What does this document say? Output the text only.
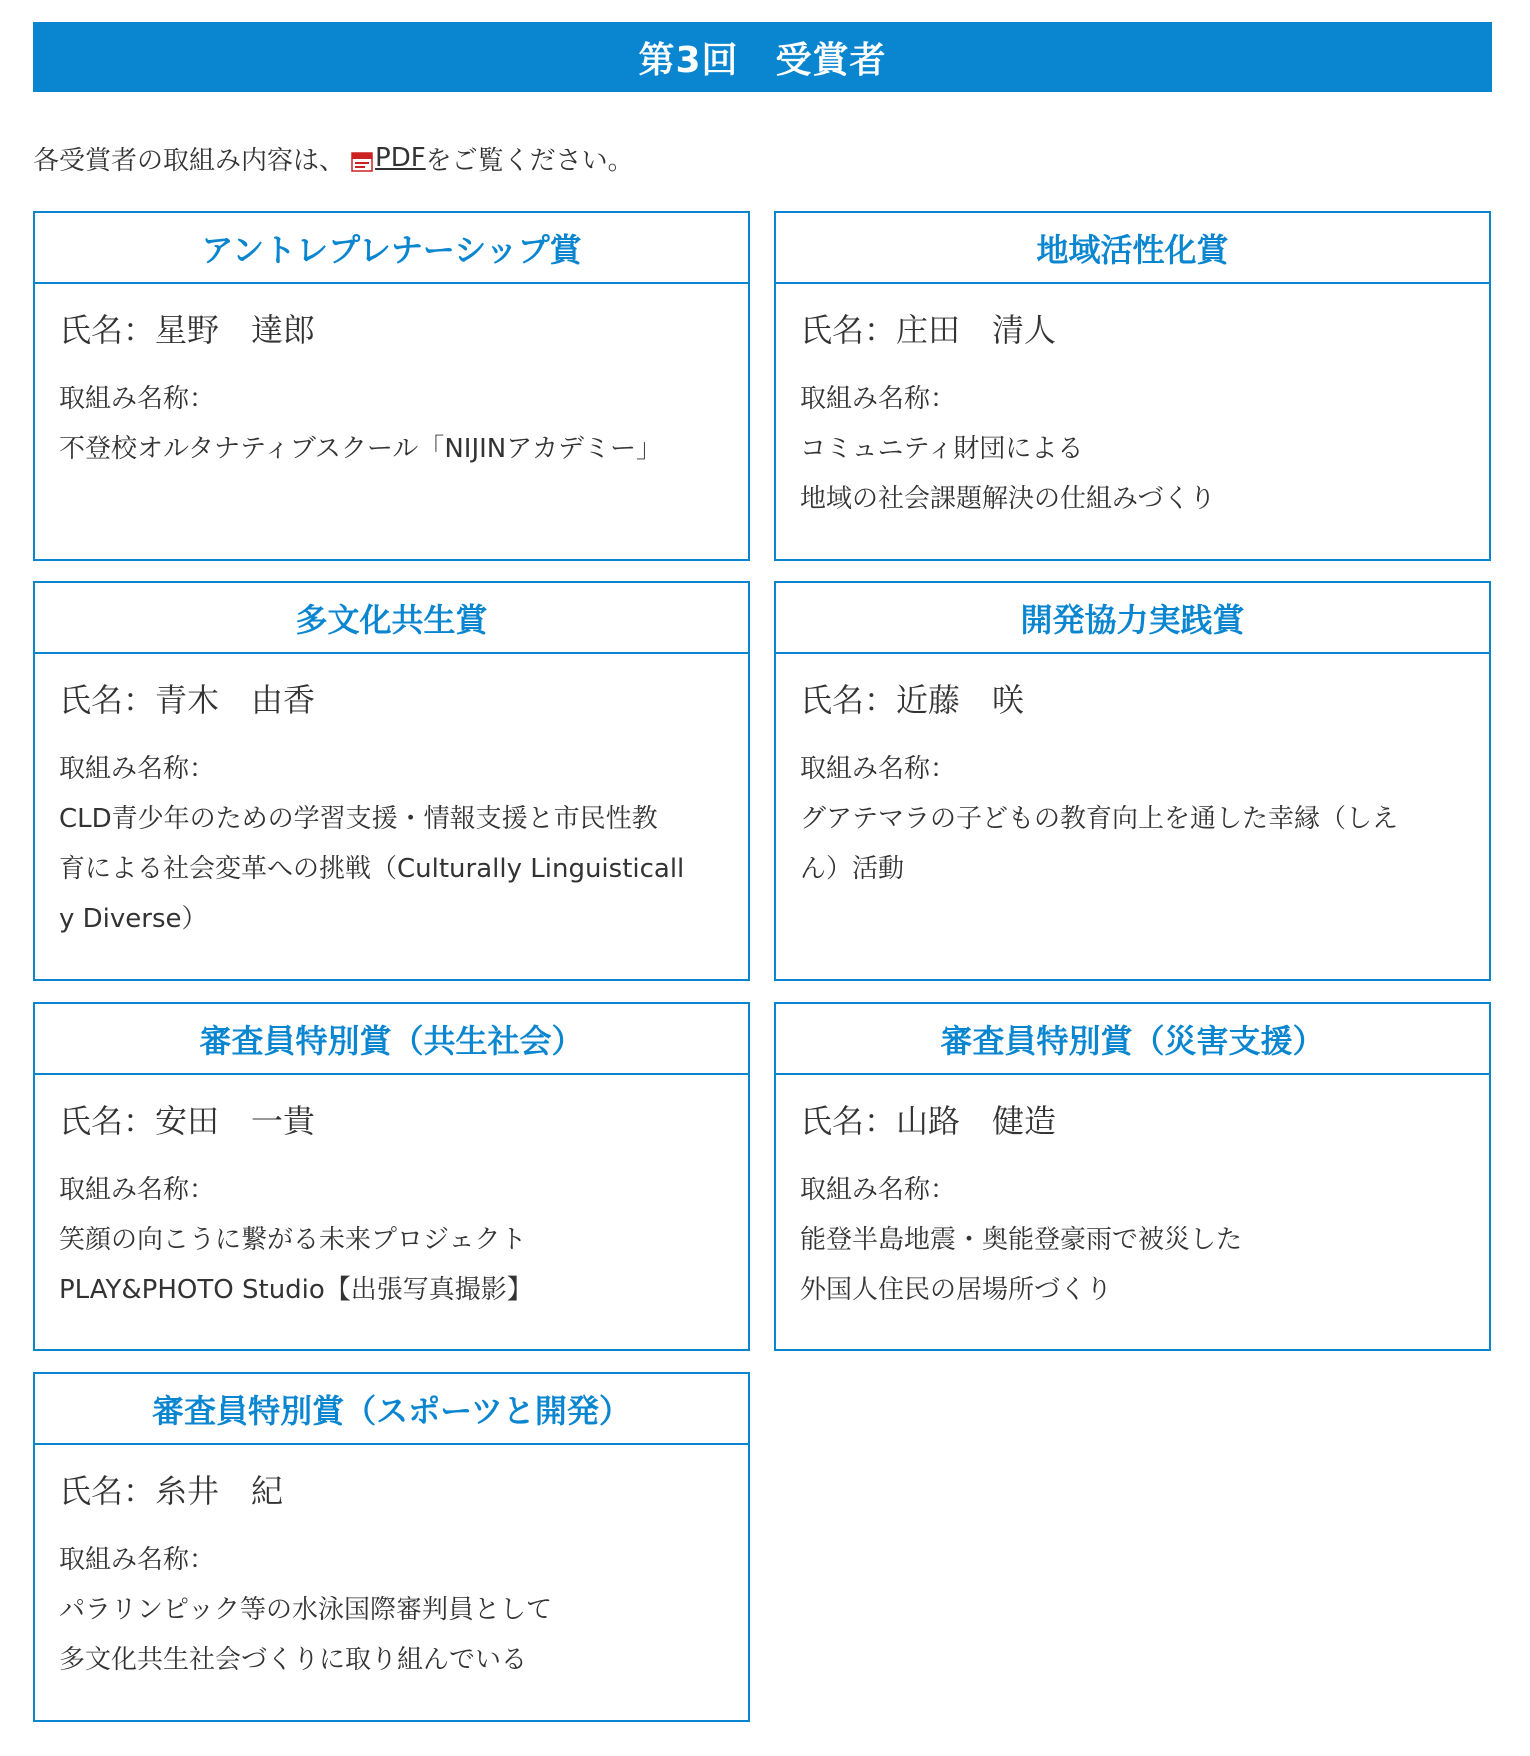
第3回　受賞者
各受賞者の取組み内容は、 PDF をご覧ください。
アントレプレナーシップ賞
氏名：星野　達郎
取組み名称：
不登校オルタナティブスクール「NIJINアカデミー」
地域活性化賞
氏名：庄田　清人
取組み名称：
コミュニティ財団による
地域の社会課題解決の仕組みづくり
多文化共生賞
氏名：青木　由香
取組み名称：
CLD青少年のための学習支援・情報支援と市民性教
育による社会変革への挑戦（Culturally Linguisticall
y Diverse）
開発協力実践賞
氏名：近藤　咲
取組み名称：
グアテマラの子どもの教育向上を通した幸縁（しえ
ん）活動
審査員特別賞（共生社会）
氏名：安田　一貴
取組み名称：
笑顔の向こうに繋がる未来プロジェクト
PLAY&PHOTO Studio【出張写真撮影】
審査員特別賞（災害支援）
氏名：山路　健造
取組み名称：
能登半島地震・奥能登豪雨で被災した
外国人住民の居場所づくり
審査員特別賞（スポーツと開発）
氏名：糸井　紀
取組み名称：
パラリンピック等の水泳国際審判員として
多文化共生社会づくりに取り組んでいる
